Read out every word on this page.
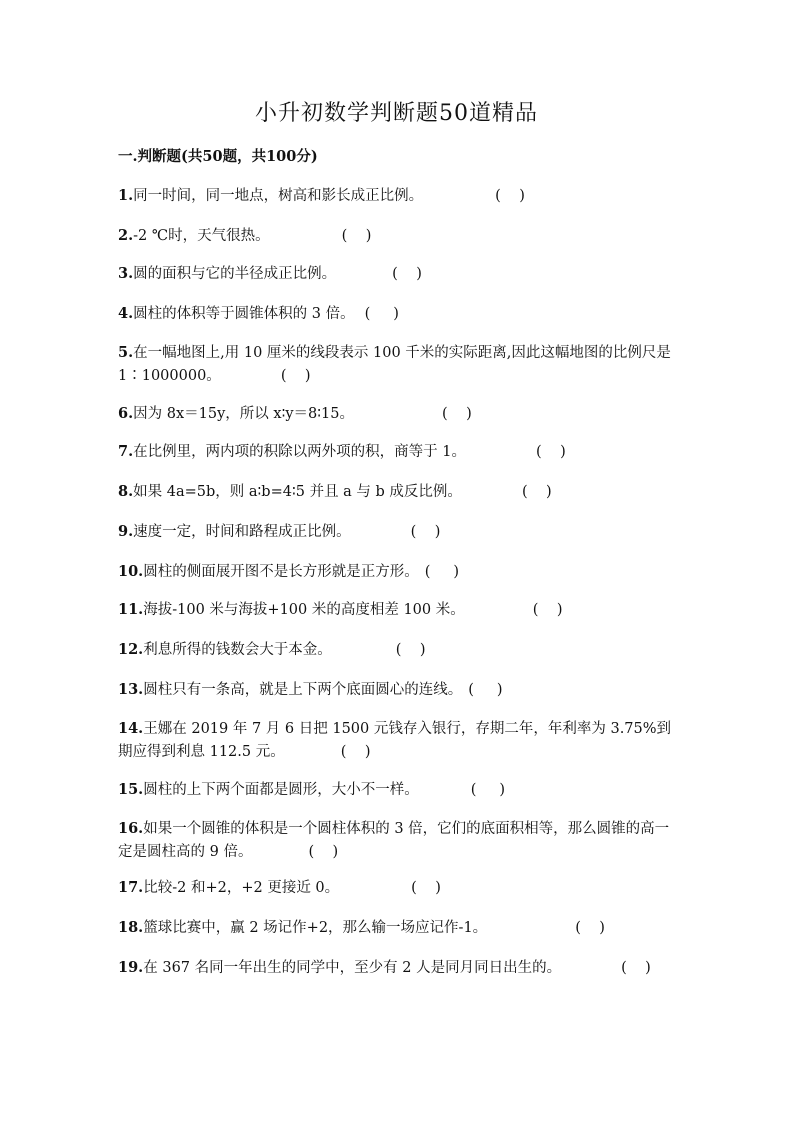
小升初数学判断题50道精品
一.判断题(共50题，共100分)
1.同一时间，同一地点，树高和影长成正比例。	(    )
2.-2 ℃时，天气很热。	(    )
3.圆的面积与它的半径成正比例。	(    )
4.圆柱的体积等于圆锥体积的 3 倍。 (     )
5.在一幅地图上,用 10 厘米的线段表示 100 千米的实际距离,因此这幅地图的比例尺是 1∶1000000。	(    )
6.因为 8x＝15y，所以 x∶y＝8∶15。	(    )
7.在比例里，两内项的积除以两外项的积，商等于 1。	(    )
8.如果 4a=5b，则 a∶b=4∶5 并且 a 与 b 成反比例。	(    )
9.速度一定，时间和路程成正比例。	(    )
10.圆柱的侧面展开图不是长方形就是正方形。 (     )
11.海拔-100 米与海拔+100 米的高度相差 100 米。	(    )
12.利息所得的钱数会大于本金。	(    )
13.圆柱只有一条高，就是上下两个底面圆心的连线。 (     )
14.王娜在 2019 年 7 月 6 日把 1500 元钱存入银行，存期二年，年利率为 3.75%到期应得到利息 112.5 元。	(    )
15.圆柱的上下两个面都是圆形，大小不一样。	(     )
16.如果一个圆锥的体积是一个圆柱体积的 3 倍，它们的底面积相等，那么圆锥的高一定是圆柱高的 9 倍。	(    )
17.比较-2 和+2，+2 更接近 0。	(    )
18.篮球比赛中，赢 2 场记作+2，那么输一场应记作-1。	(    )
19.在 367 名同一年出生的同学中，至少有 2 人是同月同日出生的。	(    )
